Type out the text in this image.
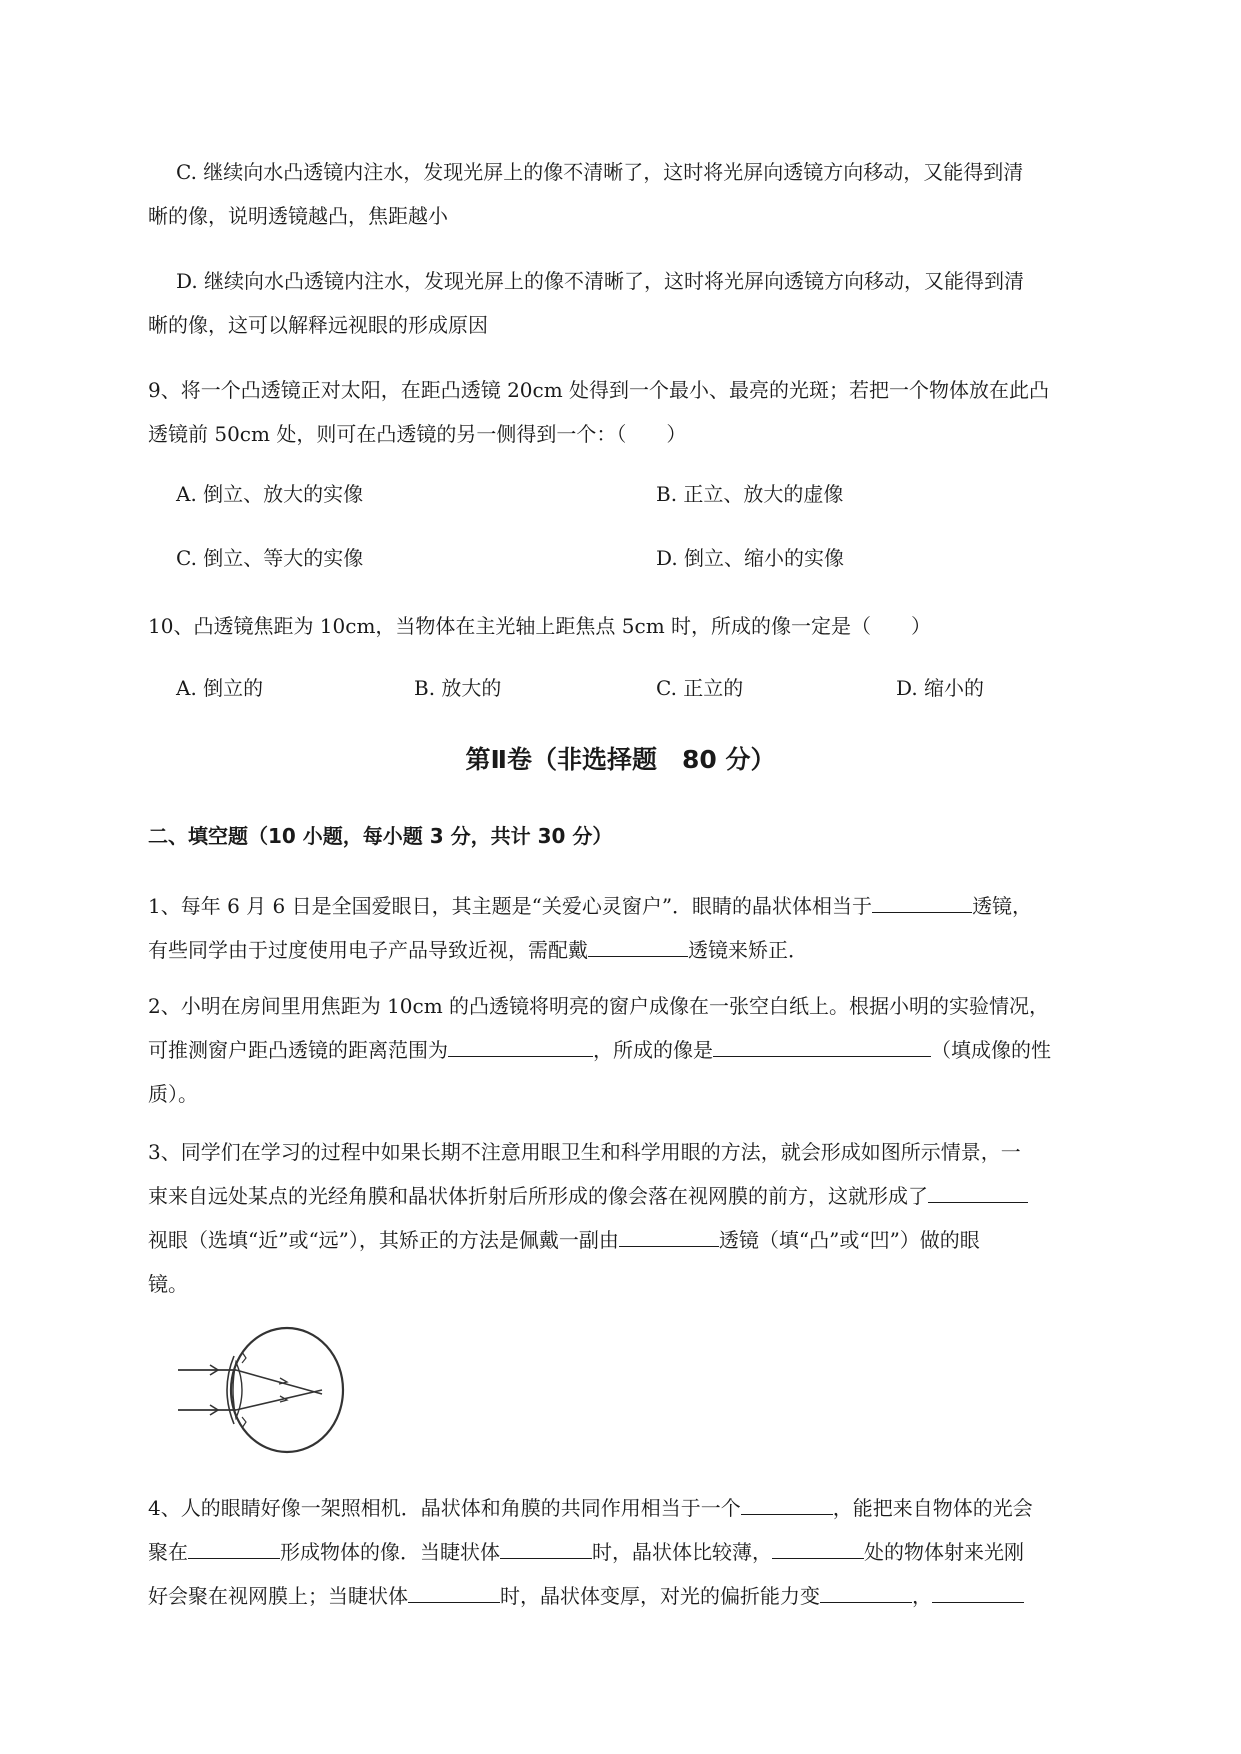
C. 继续向水凸透镜内注水，发现光屏上的像不清晰了，这时将光屏向透镜方向移动，又能得到清
晰的像，说明透镜越凸，焦距越小
D. 继续向水凸透镜内注水，发现光屏上的像不清晰了，这时将光屏向透镜方向移动，又能得到清
晰的像，这可以解释远视眼的形成原因
9、将一个凸透镜正对太阳，在距凸透镜 20cm 处得到一个最小、最亮的光斑；若把一个物体放在此凸
透镜前 50cm 处，则可在凸透镜的另一侧得到一个：（　　）
A. 倒立、放大的实像	B. 正立、放大的虚像
C. 倒立、等大的实像	D. 倒立、缩小的实像
10、凸透镜焦距为 10cm，当物体在主光轴上距焦点 5cm 时，所成的像一定是（　　）
A. 倒立的	B. 放大的	C. 正立的	D. 缩小的
第Ⅱ卷（非选择题　80 分）
二、填空题（10 小题，每小题 3 分，共计 30 分）
1、每年 6 月 6 日是全国爱眼日，其主题是“关爱心灵窗户”．眼睛的晶状体相当于	透镜，
有些同学由于过度使用电子产品导致近视，需配戴	透镜来矫正．
2、小明在房间里用焦距为 10cm 的凸透镜将明亮的窗户成像在一张空白纸上。根据小明的实验情况，
可推测窗户距凸透镜的距离范围为	，所成的像是	（填成像的性
质）。
3、同学们在学习的过程中如果长期不注意用眼卫生和科学用眼的方法，就会形成如图所示情景，一
束来自远处某点的光经角膜和晶状体折射后所形成的像会落在视网膜的前方，这就形成了
视眼（选填“近”或“远”），其矫正的方法是佩戴一副由	透镜（填“凸”或“凹”）做的眼
镜。
4、人的眼睛好像一架照相机．晶状体和角膜的共同作用相当于一个	，能把来自物体的光会
聚在	形成物体的像．当睫状体	时，晶状体比较薄，	处的物体射来光刚
好会聚在视网膜上；当睫状体	时，晶状体变厚，对光的偏折能力变	，
